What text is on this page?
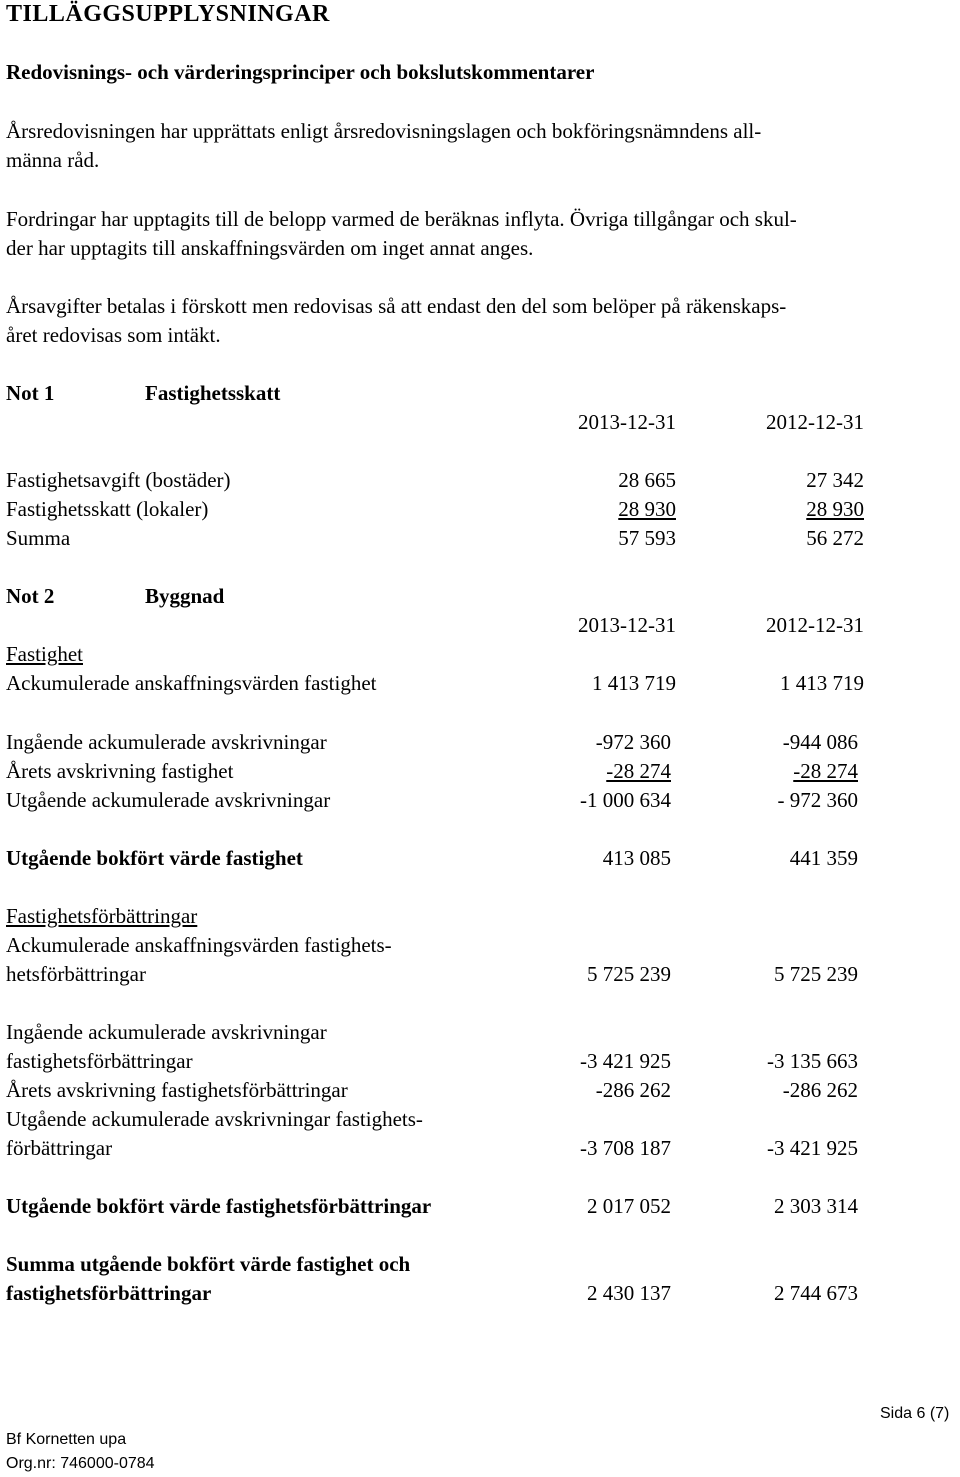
TILLÄGGSUPPLYSNINGAR
Redovisnings- och värderingsprinciper och bokslutskommentarer
Årsredovisningen har upprättats enligt årsredovisningslagen och bokföringsnämndens all-
männa råd.
Fordringar har upptagits till de belopp varmed de beräknas inflyta. Övriga tillgångar och skul-
der har upptagits till anskaffningsvärden om inget annat anges.
Årsavgifter betalas i förskott men redovisas så att endast den del som belöper på räkenskaps-
året redovisas som intäkt.
Not 1	Fastighetsskatt
2013-12-31	2012-12-31
Fastighetsavgift (bostäder)	28 665	27 342
Fastighetsskatt (lokaler)	28 930	28 930
Summa	57 593	56 272
Not 2	Byggnad
2013-12-31	2012-12-31
Fastighet
Ackumulerade anskaffningsvärden fastighet	1 413 719	1 413 719
Ingående ackumulerade avskrivningar	-972 360	-944 086
Årets avskrivning fastighet	-28 274	-28 274
Utgående ackumulerade avskrivningar	-1 000 634	- 972 360
Utgående bokfört värde fastighet	413 085	441 359
Fastighetsförbättringar
Ackumulerade anskaffningsvärden fastighets-
hetsförbättringar	5 725 239	5 725 239
Ingående ackumulerade avskrivningar
fastighetsförbättringar	-3 421 925	-3 135 663
Årets avskrivning fastighetsförbättringar	-286 262	-286 262
Utgående ackumulerade avskrivningar fastighets-
förbättringar	-3 708 187	-3 421 925
Utgående bokfört värde fastighetsförbättringar	2 017 052	2 303 314
Summa utgående bokfört värde fastighet och
fastighetsförbättringar	2 430 137	2 744 673
Sida 6 (7)
Bf Kornetten upa
Org.nr: 746000-0784
